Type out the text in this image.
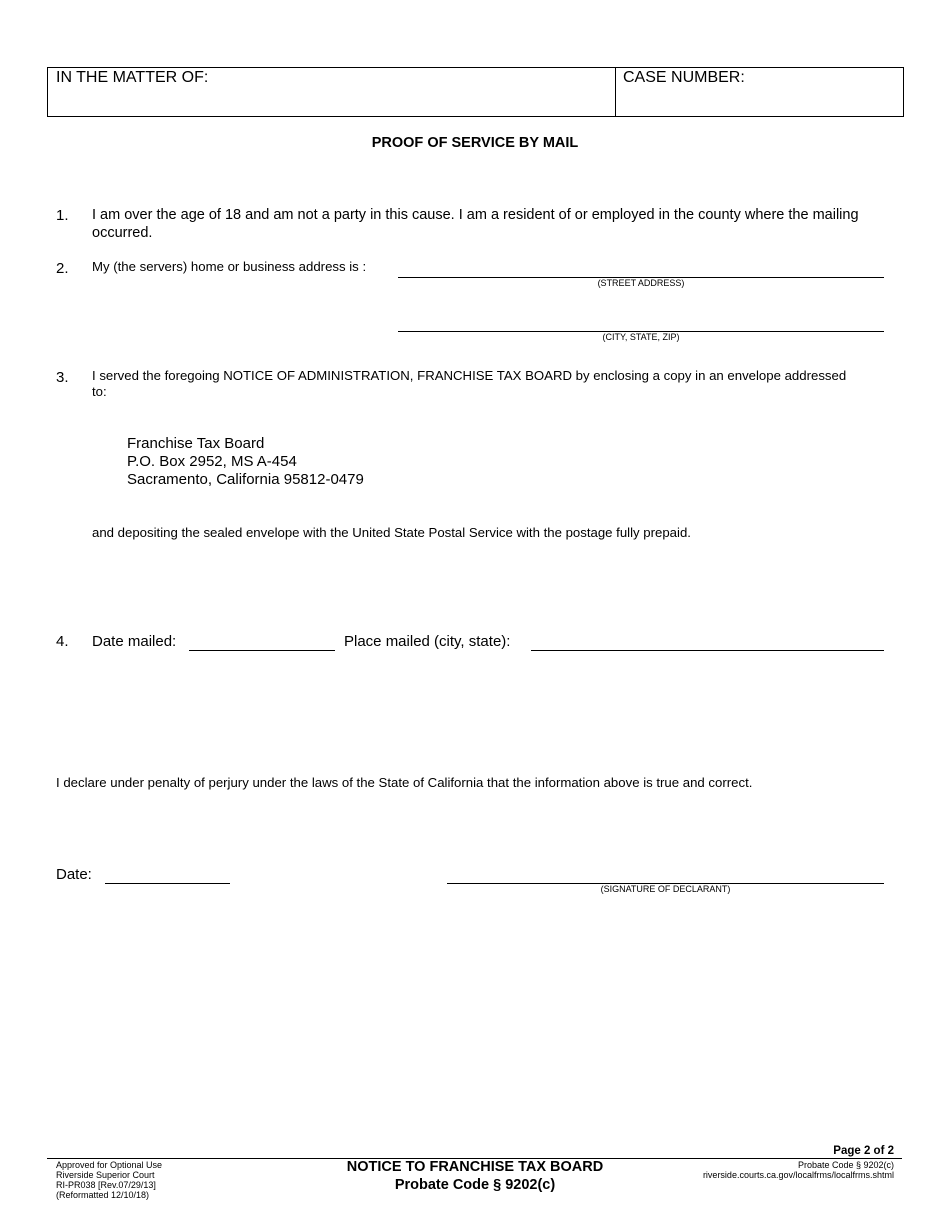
IN THE MATTER OF:	CASE NUMBER:
PROOF OF SERVICE BY MAIL
1. I am over the age of 18 and am not a party in this cause. I am a resident of or employed in the county where the mailing occurred.
2. My (the servers) home or business address is :
(STREET ADDRESS)
(CITY, STATE, ZIP)
3. I served the foregoing NOTICE OF ADMINISTRATION, FRANCHISE TAX BOARD by enclosing a copy in an envelope addressed to:
Franchise Tax Board
P.O. Box 2952, MS A-454
Sacramento, California 95812-0479
and depositing the sealed envelope with the United State Postal Service with the postage fully prepaid.
4. Date mailed:	Place mailed (city, state):
I declare under penalty of perjury under the laws of the State of California that the information above is true and correct.
Date:
(SIGNATURE OF DECLARANT)
Page 2 of 2
Approved for Optional Use
Riverside Superior Court
RI-PR038 [Rev.07/29/13]
(Reformatted 12/10/18)
NOTICE TO FRANCHISE TAX BOARD
Probate Code § 9202(c)
Probate Code § 9202(c)
riverside.courts.ca.gov/localfrms/localfrms.shtml
